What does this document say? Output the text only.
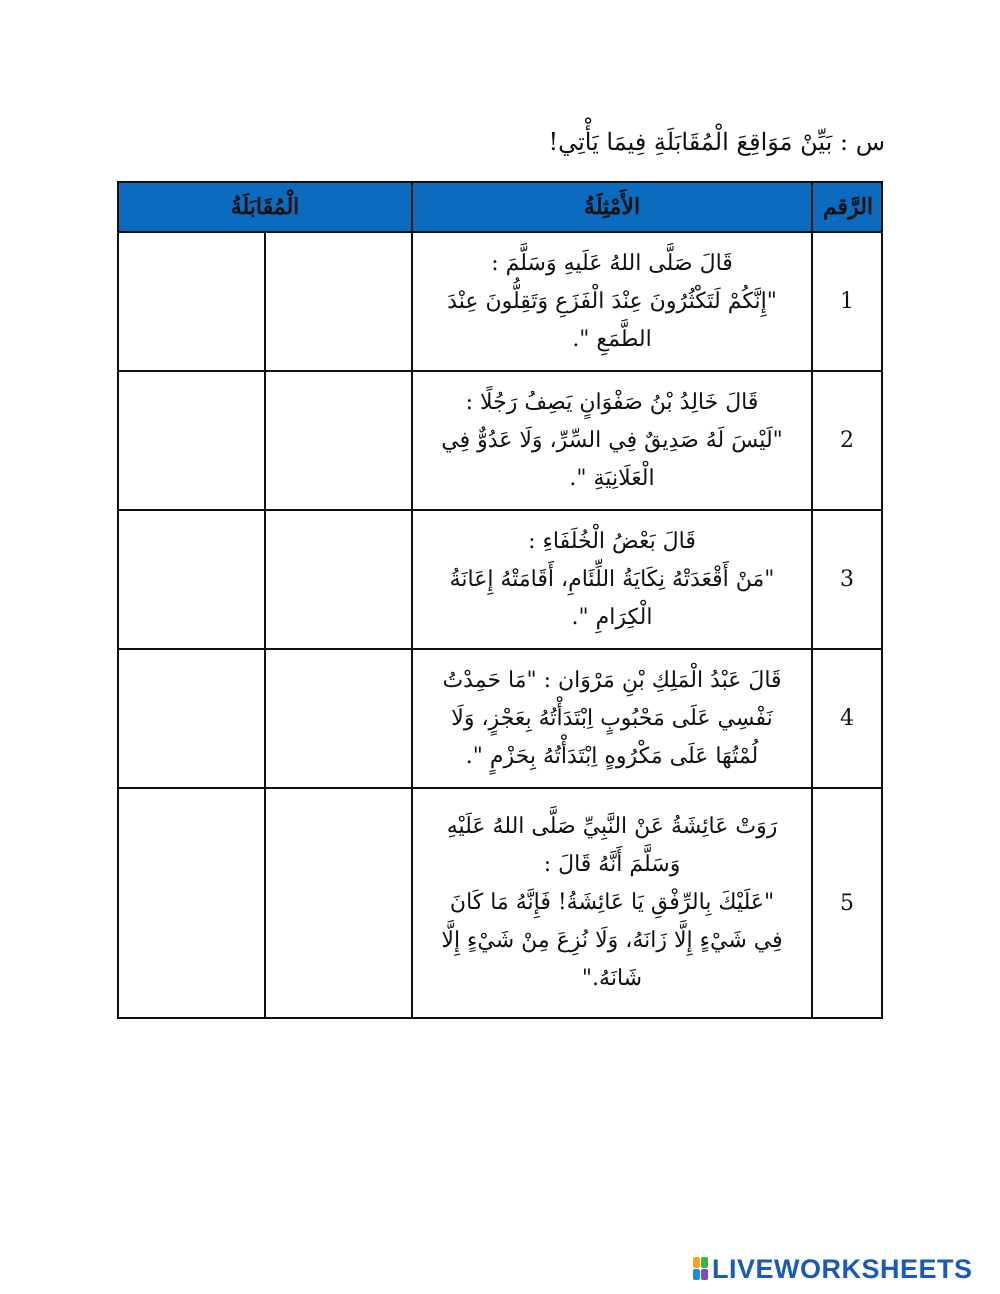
س : بَيِّنْ مَوَاقِعَ الْمُقَابَلَةِ فِيمَا يَأْتِي!
الرَّقم	الأَمْثِلَةُ	الْمُقَابَلَةُ	
1	قَالَ صَلَّى اللهُ عَلَيهِ وَسَلَّمَ :
"إِنَّكُمْ لَتَكْثُرُونَ عِنْدَ الْفَزَعِ وَتَقِلُّونَ عِنْدَ
الطَّمَعِ ".		

2	قَالَ خَالِدُ بْنُ صَفْوَانٍ يَصِفُ رَجُلًا :
"لَيْسَ لَهُ صَدِيقٌ فِي السِّرِّ، وَلَا عَدُوٌّ فِي
الْعَلَانِيَةِ ".		

3	قَالَ بَعْضُ الْخُلَفَاءِ :
"مَنْ أَقْعَدَتْهُ نِكَايَةُ اللِّئَامِ، أَقَامَتْهُ إِعَانَةُ
الْكِرَامِ ".		

4	قَالَ عَبْدُ الْمَلِكِ بْنِ مَرْوَان : "مَا حَمِدْتُ
نَفْسِي عَلَى مَحْبُوبٍ اِبْتَدَأْتُهُ بِعَجْزٍ، وَلَا
لُمْتُهَا عَلَى مَكْرُوهٍ اِبْتَدَأْتُهُ بِحَزْمٍ ".		

5	رَوَتْ عَائِشَةُ عَنْ النَّبِيِّ صَلَّى اللهُ عَلَيْهِ
وَسَلَّمَ أَنَّهُ قَالَ :
"عَلَيْكَ بِالرِّفْقِ يَا عَائِشَةُ! فَإِنَّهُ مَا كَانَ
فِي شَيْءٍ إِلَّا زَانَهُ، وَلَا نُزِعَ مِنْ شَيْءٍ إِلَّا
شَانَهُ."		

LIVEWORKSHEETS
